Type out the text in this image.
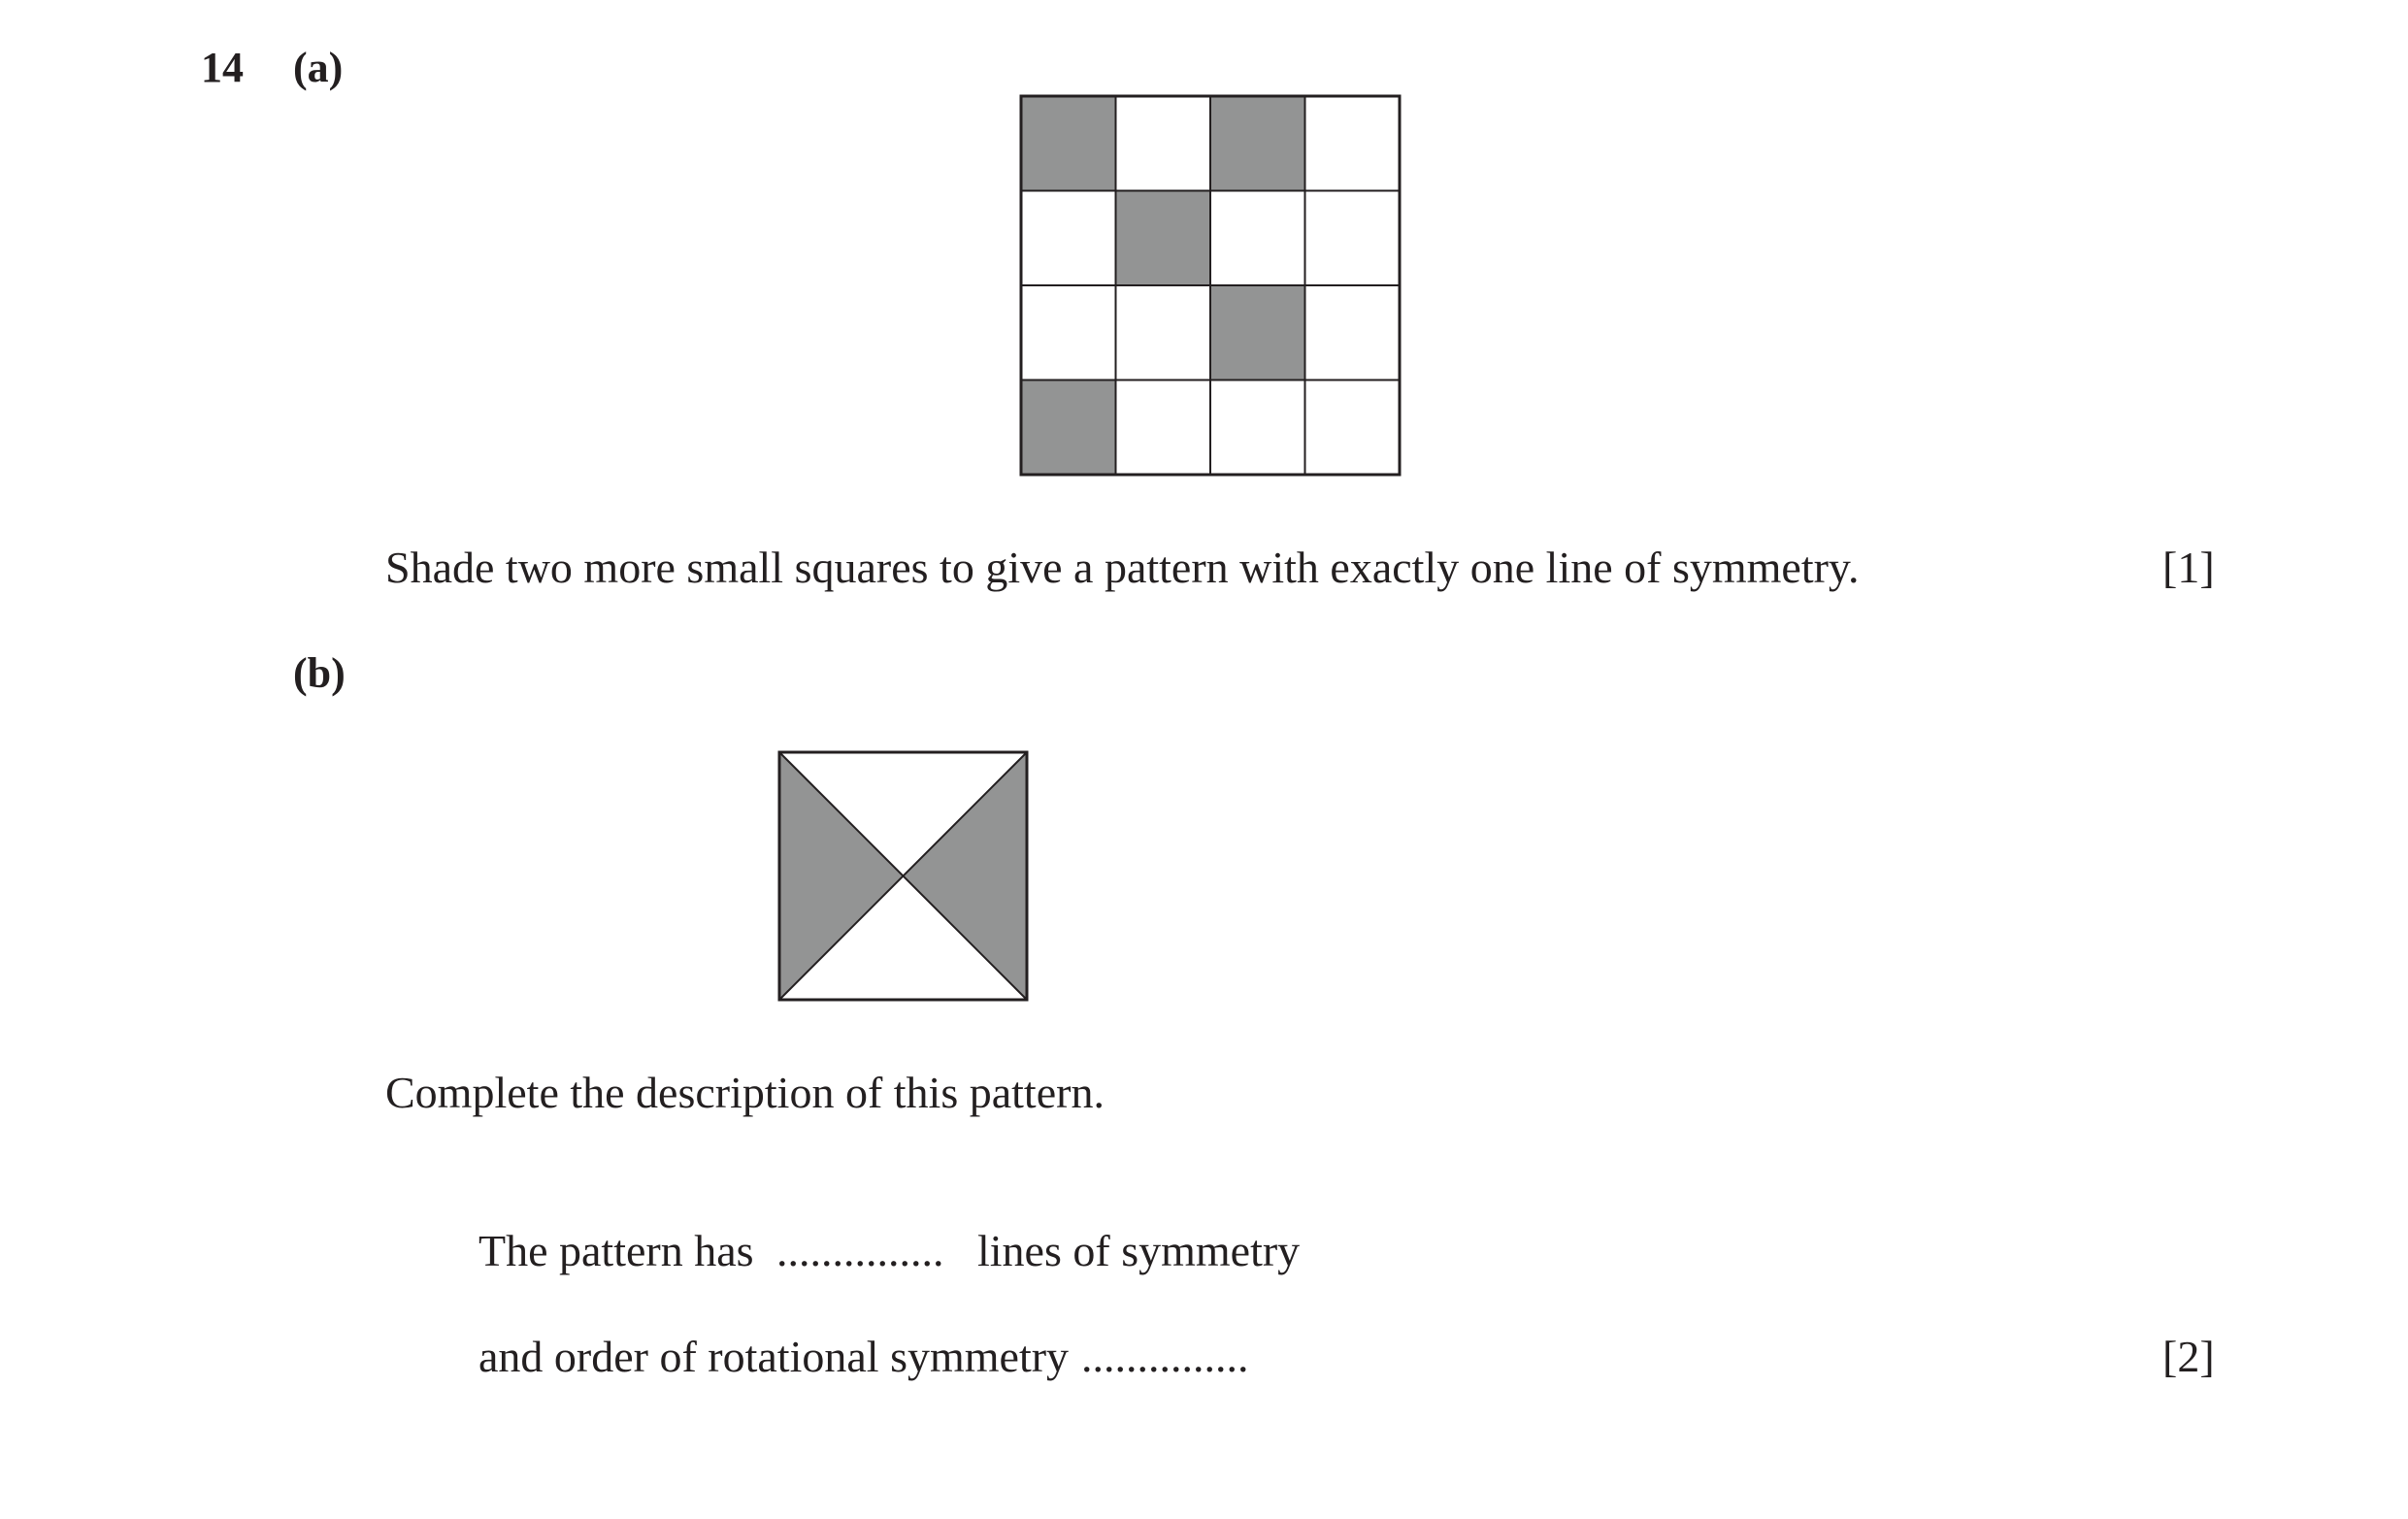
14 (a)
Shade two more small squares to give a pattern with exactly one line of symmetry.	[1]
(b)
Complete the description of this pattern.
The pattern has ............... lines of symmetry
and order of rotational symmetry ...............	[2]
